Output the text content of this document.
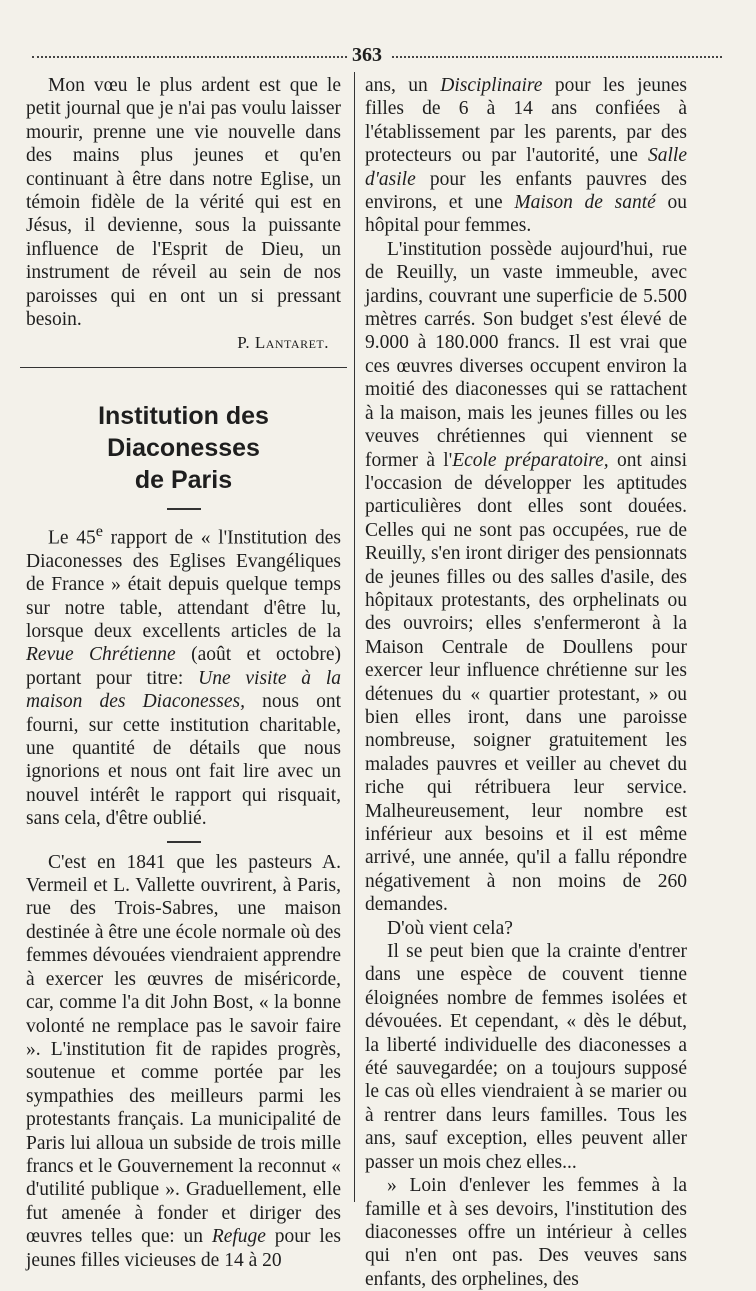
363

Mon vœu le plus ardent est que le petit journal que je n'ai pas voulu laisser mourir, prenne une vie nouvelle dans des mains plus jeunes et qu'en continuant à être dans notre Eglise, un témoin fidèle de la vérité qui est en Jésus, il devienne, sous la puissante influence de l'Esprit de Dieu, un instrument de réveil au sein de nos paroisses qui en ont un si pressant besoin.

P. Lantaret.

Institution des Diaconesses
de Paris

Le 45e rapport de « l'Institution des Diaconesses des Eglises Evangéliques de France » était depuis quelque temps sur notre table, attendant d'être lu, lorsque deux excellents articles de la Revue Chrétienne (août et octobre) portant pour titre: Une visite à la maison des Diaconesses, nous ont fourni, sur cette institution charitable, une quantité de détails que nous ignorions et nous ont fait lire avec un nouvel intérêt le rapport qui risquait, sans cela, d'être oublié.

C'est en 1841 que les pasteurs A. Vermeil et L. Vallette ouvrirent, à Paris, rue des Trois-Sabres, une maison destinée à être une école normale où des femmes dévouées viendraient apprendre à exercer les œuvres de miséricorde, car, comme l'a dit John Bost, « la bonne volonté ne remplace pas le savoir faire ». L'institution fit de rapides progrès, soutenue et comme portée par les sympathies des meilleurs parmi les protestants français. La municipalité de Paris lui alloua un subside de trois mille francs et le Gouvernement la reconnut « d'utilité publique ». Graduellement, elle fut amenée à fonder et diriger des œuvres telles que: un Refuge pour les jeunes filles vicieuses de 14 à 20

ans, un Disciplinaire pour les jeunes filles de 6 à 14 ans confiées à l'établissement par les parents, par des protecteurs ou par l'autorité, une Salle d'asile pour les enfants pauvres des environs, et une Maison de santé ou hôpital pour femmes.

L'institution possède aujourd'hui, rue de Reuilly, un vaste immeuble, avec jardins, couvrant une superficie de 5.500 mètres carrés. Son budget s'est élevé de 9.000 à 180.000 francs. Il est vrai que ces œuvres diverses occupent environ la moitié des diaconesses qui se rattachent à la maison, mais les jeunes filles ou les veuves chrétiennes qui viennent se former à l'Ecole préparatoire, ont ainsi l'occasion de développer les aptitudes particulières dont elles sont douées. Celles qui ne sont pas occupées, rue de Reuilly, s'en iront diriger des pensionnats de jeunes filles ou des salles d'asile, des hôpitaux protestants, des orphelinats ou des ouvroirs; elles s'enfermeront à la Maison Centrale de Doullens pour exercer leur influence chrétienne sur les détenues du « quartier protestant, » ou bien elles iront, dans une paroisse nombreuse, soigner gratuitement les malades pauvres et veiller au chevet du riche qui rétribuera leur service. Malheureusement, leur nombre est inférieur aux besoins et il est même arrivé, une année, qu'il a fallu répondre négativement à non moins de 260 demandes.

D'où vient cela?

Il se peut bien que la crainte d'entrer dans une espèce de couvent tienne éloignées nombre de femmes isolées et dévouées. Et cependant, « dès le début, la liberté individuelle des diaconesses a été sauvegardée; on a toujours supposé le cas où elles viendraient à se marier ou à rentrer dans leurs familles. Tous les ans, sauf exception, elles peuvent aller passer un mois chez elles...

» Loin d'enlever les femmes à la famille et à ses devoirs, l'institution des diaconesses offre un intérieur à celles qui n'en ont pas. Des veuves sans enfants, des orphelines, des
